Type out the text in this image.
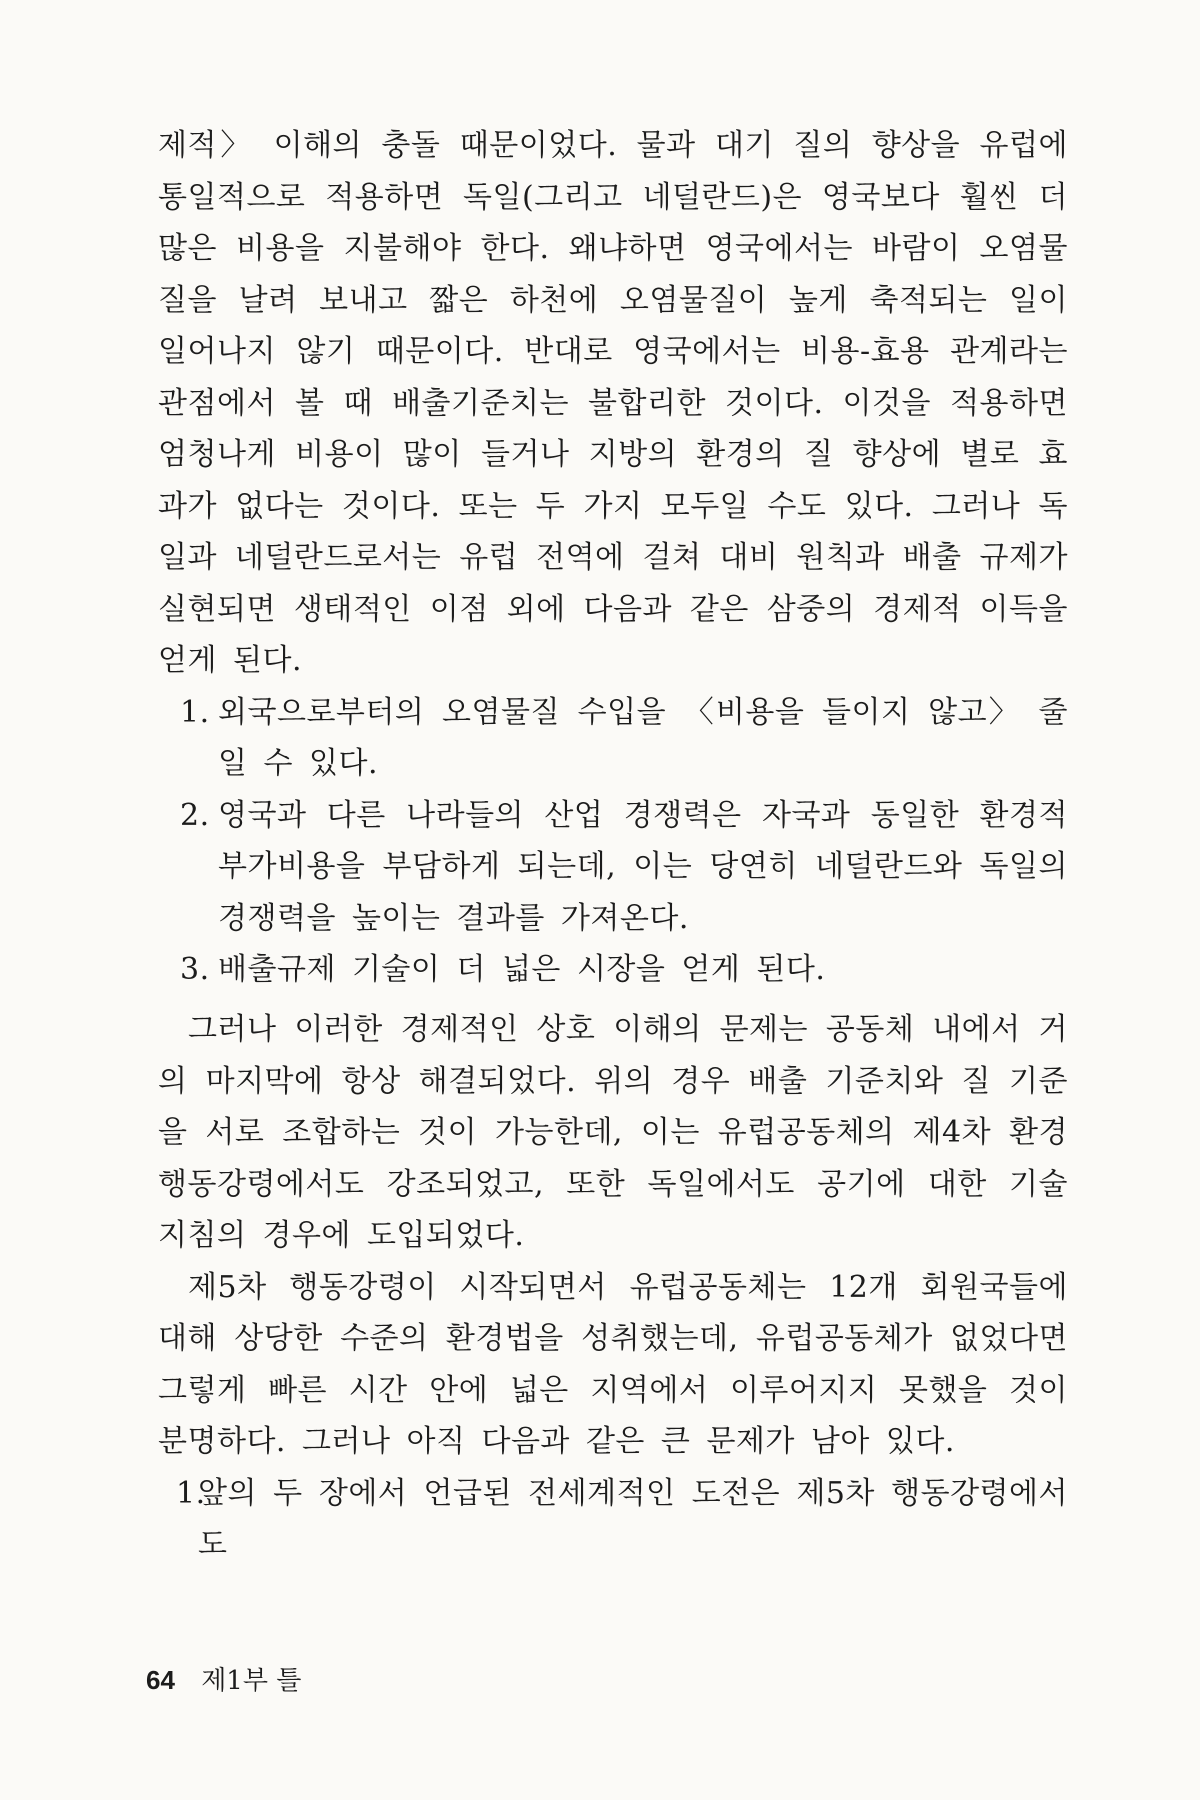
제적〉 이해의 충돌 때문이었다. 물과 대기 질의 향상을 유럽에 통일적으로 적용하면 독일(그리고 네덜란드)은 영국보다 훨씬 더 많은 비용을 지불해야 한다. 왜냐하면 영국에서는 바람이 오염물질을 날려 보내고 짧은 하천에 오염물질이 높게 축적되는 일이 일어나지 않기 때문이다. 반대로 영국에서는 비용-효용 관계라는 관점에서 볼 때 배출기준치는 불합리한 것이다. 이것을 적용하면 엄청나게 비용이 많이 들거나 지방의 환경의 질 향상에 별로 효과가 없다는 것이다. 또는 두 가지 모두일 수도 있다. 그러나 독일과 네덜란드로서는 유럽 전역에 걸쳐 대비 원칙과 배출 규제가 실현되면 생태적인 이점 외에 다음과 같은 삼중의 경제적 이득을 얻게 된다.

1. 외국으로부터의 오염물질 수입을 〈비용을 들이지 않고〉 줄일 수 있다.
2. 영국과 다른 나라들의 산업 경쟁력은 자국과 동일한 환경적 부가비용을 부담하게 되는데, 이는 당연히 네덜란드와 독일의 경쟁력을 높이는 결과를 가져온다.
3. 배출규제 기술이 더 넓은 시장을 얻게 된다.

그러나 이러한 경제적인 상호 이해의 문제는 공동체 내에서 거의 마지막에 항상 해결되었다. 위의 경우 배출 기준치와 질 기준을 서로 조합하는 것이 가능한데, 이는 유럽공동체의 제4차 환경행동강령에서도 강조되었고, 또한 독일에서도 공기에 대한 기술 지침의 경우에 도입되었다.

제5차 행동강령이 시작되면서 유럽공동체는 12개 회원국들에 대해 상당한 수준의 환경법을 성취했는데, 유럽공동체가 없었다면 그렇게 빠른 시간 안에 넓은 지역에서 이루어지지 못했을 것이 분명하다. 그러나 아직 다음과 같은 큰 문제가 남아 있다.

1.
앞의 두 장에서 언급된 전세계적인 도전은 제5차 행동강령에서도
64 제1부 틀
